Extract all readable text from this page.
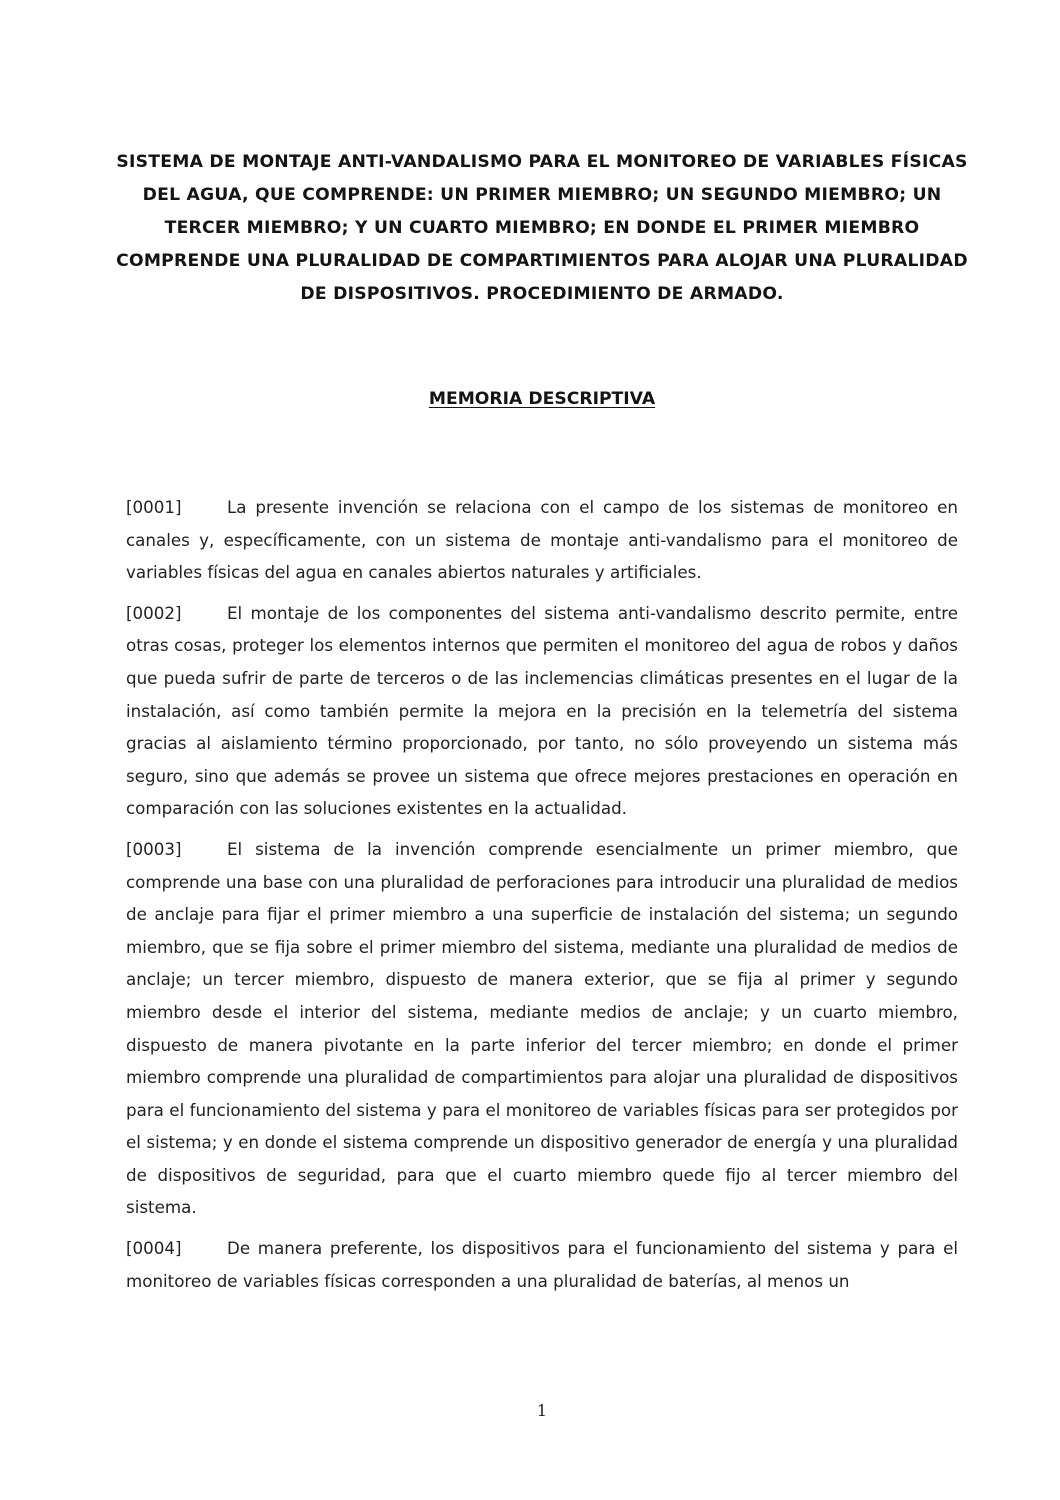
SISTEMA DE MONTAJE ANTI-VANDALISMO PARA EL MONITOREO DE VARIABLES FÍSICAS DEL AGUA, QUE COMPRENDE: UN PRIMER MIEMBRO; UN SEGUNDO MIEMBRO; UN TERCER MIEMBRO; Y UN CUARTO MIEMBRO; EN DONDE EL PRIMER MIEMBRO COMPRENDE UNA PLURALIDAD DE COMPARTIMIENTOS PARA ALOJAR UNA PLURALIDAD DE DISPOSITIVOS. PROCEDIMIENTO DE ARMADO.
MEMORIA DESCRIPTIVA

[0001]	La presente invención se relaciona con el campo de los sistemas de monitoreo en canales y, específicamente, con un sistema de montaje anti-vandalismo para el monitoreo de variables físicas del agua en canales abiertos naturales y artificiales.

[0002]	El montaje de los componentes del sistema anti-vandalismo descrito permite, entre otras cosas, proteger los elementos internos que permiten el monitoreo del agua de robos y daños que pueda sufrir de parte de terceros o de las inclemencias climáticas presentes en el lugar de la instalación, así como también permite la mejora en la precisión en la telemetría del sistema gracias al aislamiento término proporcionado, por tanto, no sólo proveyendo un sistema más seguro, sino que además se provee un sistema que ofrece mejores prestaciones en operación en comparación con las soluciones existentes en la actualidad.

[0003]	El sistema de la invención comprende esencialmente un primer miembro, que comprende una base con una pluralidad de perforaciones para introducir una pluralidad de medios de anclaje para fijar el primer miembro a una superficie de instalación del sistema; un segundo miembro, que se fija sobre el primer miembro del sistema, mediante una pluralidad de medios de anclaje; un tercer miembro, dispuesto de manera exterior, que se fija al primer y segundo miembro desde el interior del sistema, mediante medios de anclaje; y un cuarto miembro, dispuesto de manera pivotante en la parte inferior del tercer miembro; en donde el primer miembro comprende una pluralidad de compartimientos para alojar una pluralidad de dispositivos para el funcionamiento del sistema y para el monitoreo de variables físicas para ser protegidos por el sistema; y en donde el sistema comprende un dispositivo generador de energía y una pluralidad de dispositivos de seguridad, para que el cuarto miembro quede fijo al tercer miembro del sistema.

[0004]	De manera preferente, los dispositivos para el funcionamiento del sistema y para el monitoreo de variables físicas corresponden a una pluralidad de baterías, al menos un

1
